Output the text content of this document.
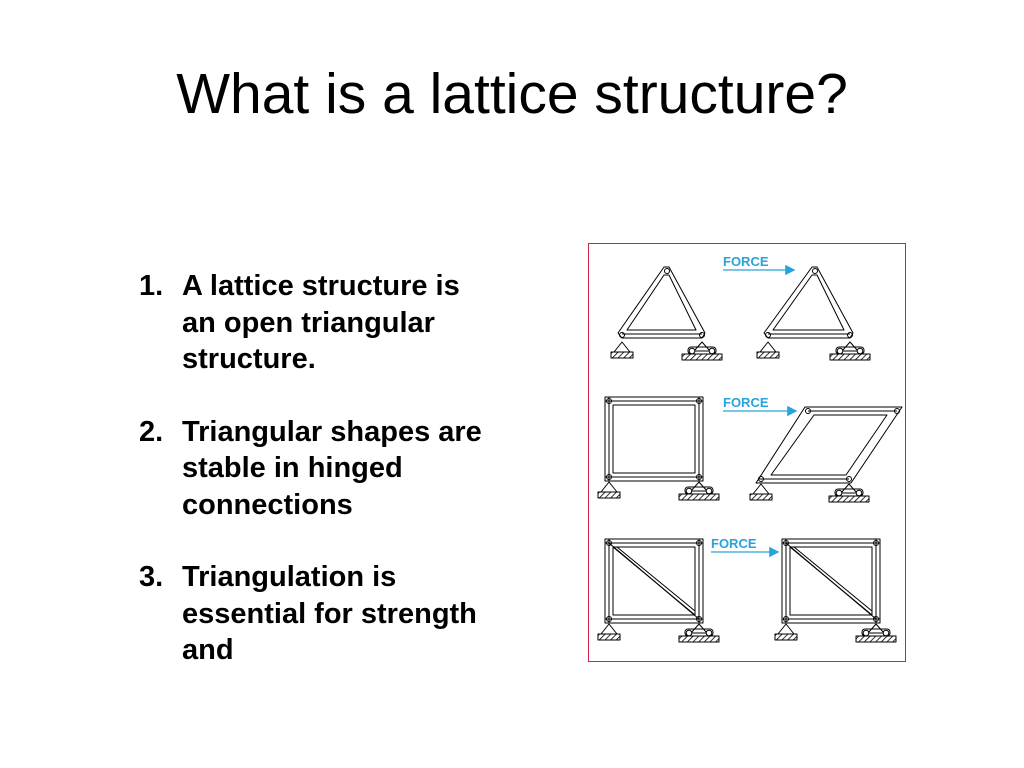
What is a lattice structure?
1. A lattice structure is an open triangular structure.
2. Triangular shapes are stable in hinged connections
3. Triangulation is essential for strength and
FORCE
FORCE
FORCE
